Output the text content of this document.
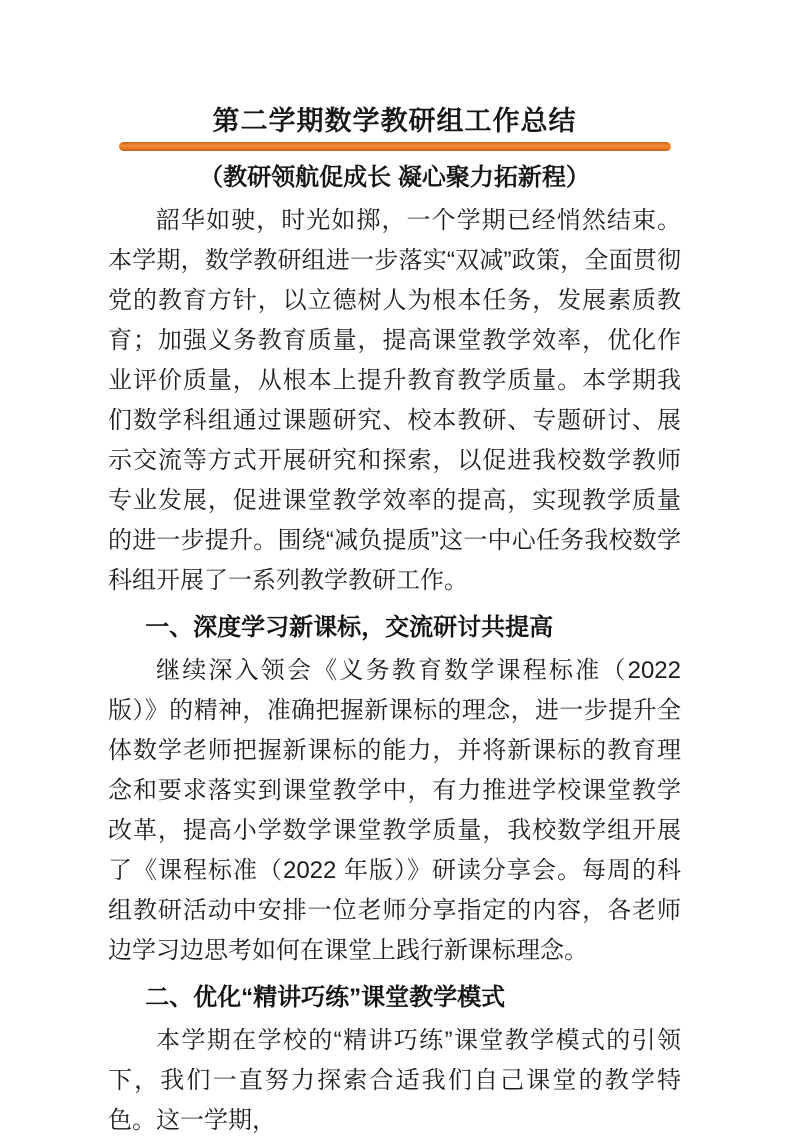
第二学期数学教研组工作总结
（教研领航促成长 凝心聚力拓新程）

韶华如驶，时光如掷，一个学期已经悄然结束。本学期，数学教研组进一步落实“双减”政策，全面贯彻党的教育方针，以立德树人为根本任务，发展素质教育；加强义务教育质量，提高课堂教学效率，优化作业评价质量，从根本上提升教育教学质量。本学期我们数学科组通过课题研究、校本教研、专题研讨、展示交流等方式开展研究和探索，以促进我校数学教师专业发展，促进课堂教学效率的提高，实现教学质量的进一步提升。围绕“减负提质”这一中心任务我校数学科组开展了一系列教学教研工作。

一、深度学习新课标，交流研讨共提高

继续深入领会《义务教育数学课程标准（2022 版）》的精神，准确把握新课标的理念，进一步提升全体数学老师把握新课标的能力，并将新课标的教育理念和要求落实到课堂教学中，有力推进学校课堂教学改革，提高小学数学课堂教学质量，我校数学组开展了《课程标准（2022 年版）》研读分享会。每周的科组教研活动中安排一位老师分享指定的内容，各老师边学习边思考如何在课堂上践行新课标理念。

二、优化“精讲巧练”课堂教学模式

本学期在学校的“精讲巧练”课堂教学模式的引领下，我们一直努力探索合适我们自己课堂的教学特色。这一学期，
